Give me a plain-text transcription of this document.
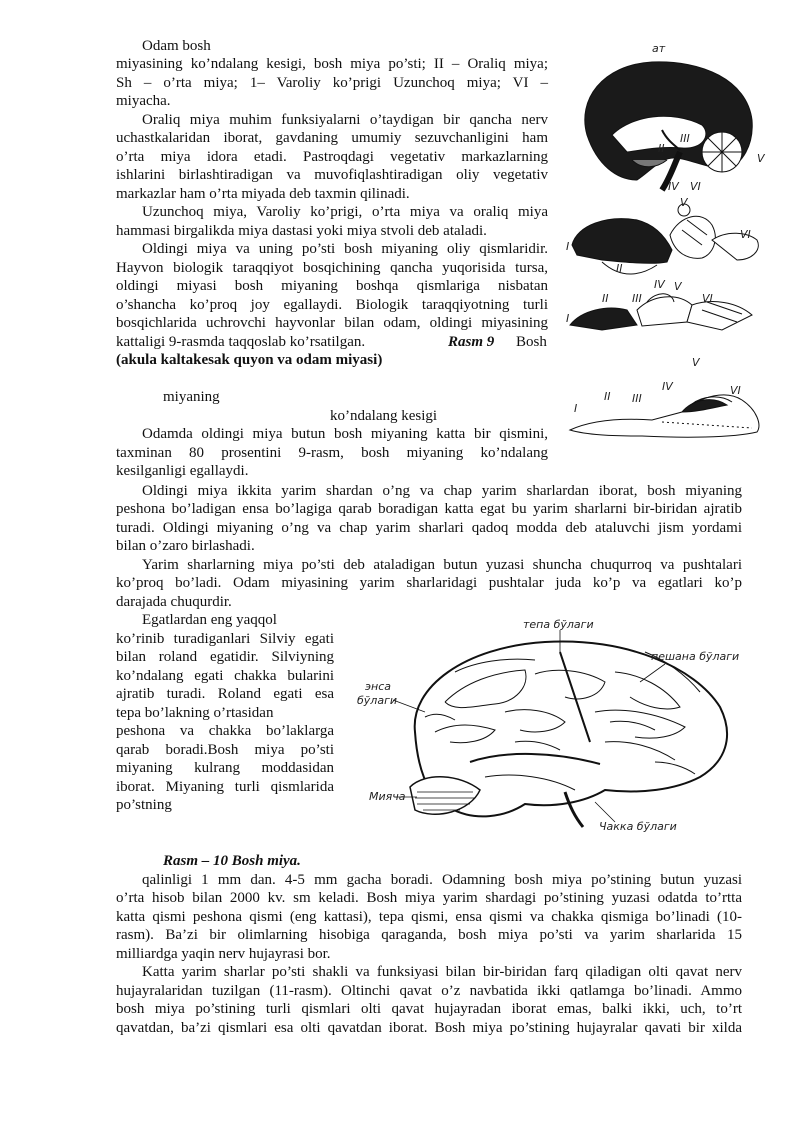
Odam bosh
miyasining ko’ndalang kesigi, bosh miya po’sti; II – Oraliq miya;
Sh – o’rta miya; 1– Varoliy ko’prigi Uzunchoq miya; VI –
miyacha.
Oraliq miya muhim funksiyalarni o’taydigan bir qancha nerv
uchastkalaridan iborat, gavdaning umumiy sezuvchanligini ham
o’rta miya idora etadi. Pastroqdagi vegetativ markazlarning
ishlarini birlashtiradigan va muvofiqlashtiradigan oliy vegetativ
markazlar ham o’rta miyada deb taxmin qilinadi.
Uzunchoq miya, Varoliy ko’prigi, o’rta miya va oraliq miya
hammasi birgalikda miya dastasi yoki miya stvoli deb ataladi.
Oldingi miya va uning po’sti bosh miyaning oliy qismlaridir.
Hayvon biologik taraqqiyot bosqichining qancha yuqorisida tursa,
oldingi miyasi bosh miyaning boshqa qismlariga nisbatan
o’shancha ko’proq joy egallaydi. Biologik taraqqiyotning turli
bosqichlarida uchrovchi hayvonlar bilan odam, oldingi miyasining
kattaligi 9-rasmda taqqoslab ko’rsatilgan.	Rasm 9 Bosh
(akula kaltakesak quyon va odam miyasi)
miyaning
ko’ndalang kesigi
Odamda oldingi miya butun bosh miyaning katta bir qismini,
taxminan 80 prosentini 9-rasm, bosh miyaning ko’ndalang
kesilganligi egallaydi.
Oldingi miya ikkita yarim shardan o’ng va chap yarim sharlardan iborat, bosh miyaning
peshona bo’ladigan ensa bo’lagiga qarab boradigan katta egat bu yarim sharlarni bir-biridan ajratib
turadi. Oldingi miyaning o’ng va chap yarim sharlari qadoq modda deb ataluvchi jism yordami
bilan o’zaro birlashadi.
Yarim sharlarning miya po’sti deb ataladigan butun yuzasi shuncha chuqurroq va pushtalari
ko’proq bo’ladi. Odam miyasining yarim sharlaridagi pushtalar juda ko’p va egatlari ko’p
darajada chuqurdir.
Egatlardan eng yaqqol
ko’rinib turadiganlari Silviy egati
bilan roland egatidir. Silviyning
ko’ndalang egati chakka bularini
ajratib turadi. Roland egati esa
tepa bo’lakning o’rtasidan
peshona va chakka bo’laklarga
qarab boradi.Bosh miya po’sti
miyaning kulrang moddasidan
iborat. Miyaning turli qismlarida
po’stning
Rasm – 10 Bosh miya.
qalinligi 1 mm dan. 4-5 mm gacha boradi. Odamning bosh miya po’stining butun yuzasi
o’rta hisob bilan 2000 kv. sm keladi. Bosh miya yarim shardagi po’stining yuzasi odatda to’rtta
katta qismi peshona qismi (eng kattasi), tepa qismi, ensa qismi va chakka qismiga bo’linadi (10-
rasm). Ba’zi bir olimlarning hisobiga qaraganda, bosh miya po’sti va yarim sharlarida 15
milliardga yaqin nerv hujayrasi bor.
Katta yarim sharlar po’sti shakli va funksiyasi bilan bir-biridan farq qiladigan olti qavat nerv
hujayralaridan tuzilgan (11-rasm). Oltinchi qavat o’z navbatida ikki qatlamga bo’linadi. Ammo
bosh miya po’stining turli qismlari olti qavat hujayradan iborat emas, balki ikki, uch, to’rt
qavatdan, ba’zi qismlari esa olti qavatdan iborat. Bosh miya po’stining hujayralar qavati bir xilda
ат
II
III
V
IV VI
V
VI
I
II
II III
IV V
VI
I
II III
IV
V
VI
I
тепа бўлаги
пешана бўлаги
энса
бўлаги
Мияча
Чакка бўлаги
